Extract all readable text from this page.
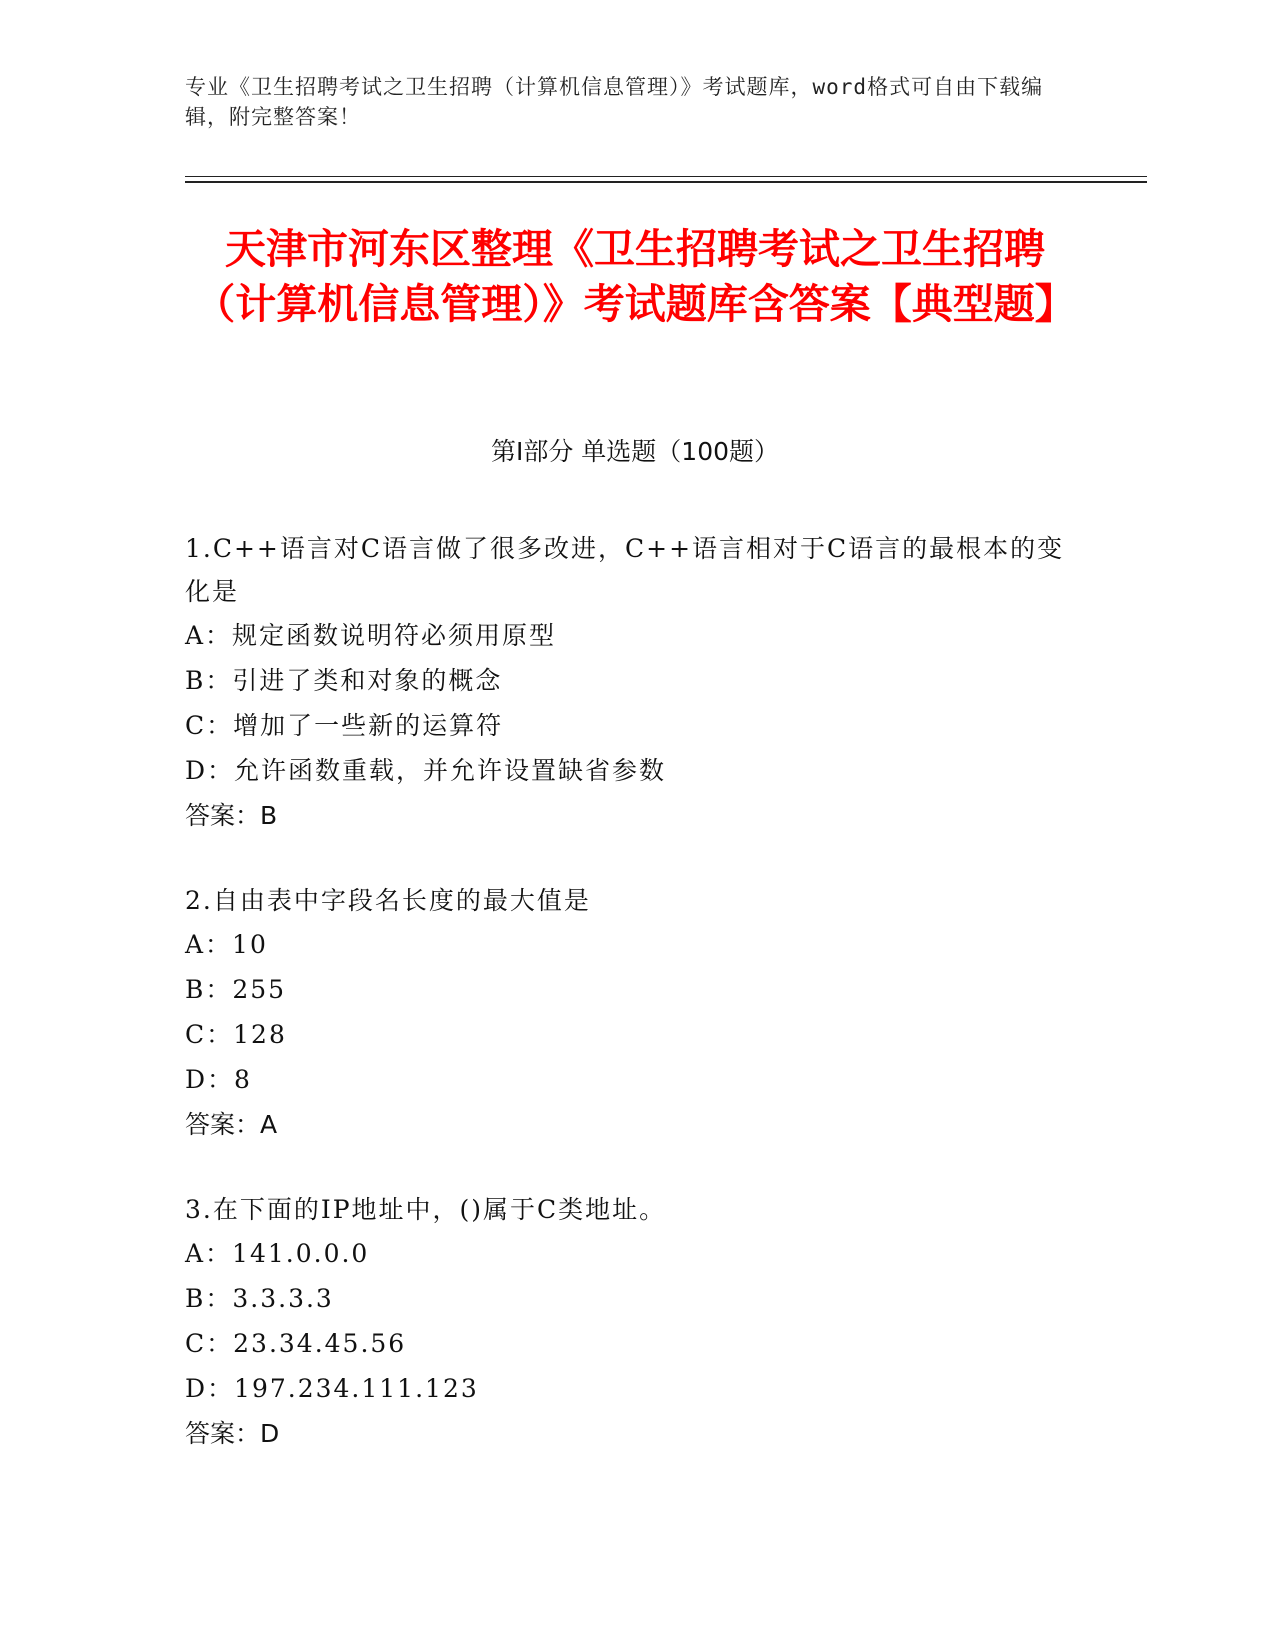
专业《卫生招聘考试之卫生招聘（计算机信息管理）》考试题库，word格式可自由下载编辑，附完整答案！
天津市河东区整理《卫生招聘考试之卫生招聘（计算机信息管理）》考试题库含答案【典型题】
第Ⅰ部分 单选题（100题）
1.C++语言对C语言做了很多改进，C++语言相对于C语言的最根本的变化是
A：规定函数说明符必须用原型
B：引进了类和对象的概念
C：增加了一些新的运算符
D：允许函数重载，并允许设置缺省参数
答案：B
2.自由表中字段名长度的最大值是
A：10
B：255
C：128
D：8
答案：A
3.在下面的IP地址中，()属于C类地址。
A：141.0.0.0
B：3.3.3.3
C：23.34.45.56
D：197.234.111.123
答案：D
